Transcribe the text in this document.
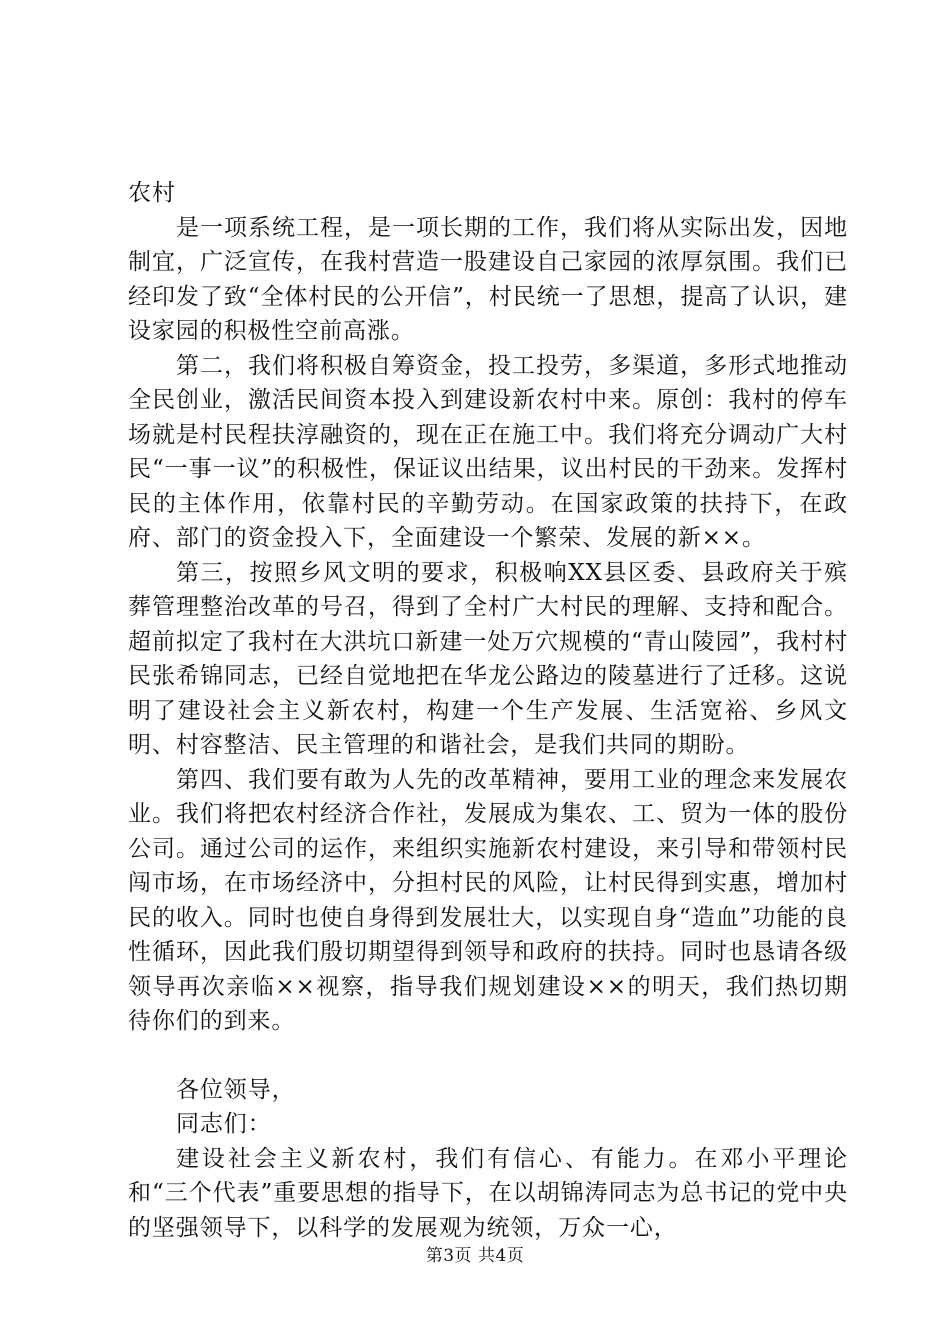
农村

是一项系统工程，是一项长期的工作，我们将从实际出发，因地制宜，广泛宣传，在我村营造一股建设自己家园的浓厚氛围。我们已经印发了致“全体村民的公开信”，村民统一了思想，提高了认识，建设家园的积极性空前高涨。

第二，我们将积极自筹资金，投工投劳，多渠道，多形式地推动全民创业，激活民间资本投入到建设新农村中来。原创：我村的停车场就是村民程扶淳融资的，现在正在施工中。我们将充分调动广大村民“一事一议”的积极性，保证议出结果，议出村民的干劲来。发挥村民的主体作用，依靠村民的辛勤劳动。在国家政策的扶持下，在政府、部门的资金投入下，全面建设一个繁荣、发展的新××。

第三，按照乡风文明的要求，积极响XX县区委、县政府关于殡葬管理整治改革的号召，得到了全村广大村民的理解、支持和配合。超前拟定了我村在大洪坑口新建一处万穴规模的“青山陵园”，我村村民张希锦同志，已经自觉地把在华龙公路边的陵墓进行了迁移。这说明了建设社会主义新农村，构建一个生产发展、生活宽裕、乡风文明、村容整洁、民主管理的和谐社会，是我们共同的期盼。

第四、我们要有敢为人先的改革精神，要用工业的理念来发展农业。我们将把农村经济合作社，发展成为集农、工、贸为一体的股份公司。通过公司的运作，来组织实施新农村建设，来引导和带领村民闯市场，在市场经济中，分担村民的风险，让村民得到实惠，增加村民的收入。同时也使自身得到发展壮大，以实现自身“造血”功能的良性循环，因此我们殷切期望得到领导和政府的扶持。同时也恳请各级领导再次亲临××视察，指导我们规划建设××的明天，我们热切期待你们的到来。

各位领导，

同志们：

建设社会主义新农村，我们有信心、有能力。在邓小平理论和“三个代表”重要思想的指导下，在以胡锦涛同志为总书记的党中央的坚强领导下，以科学的发展观为统领，万众一心，

第3页 共4页
